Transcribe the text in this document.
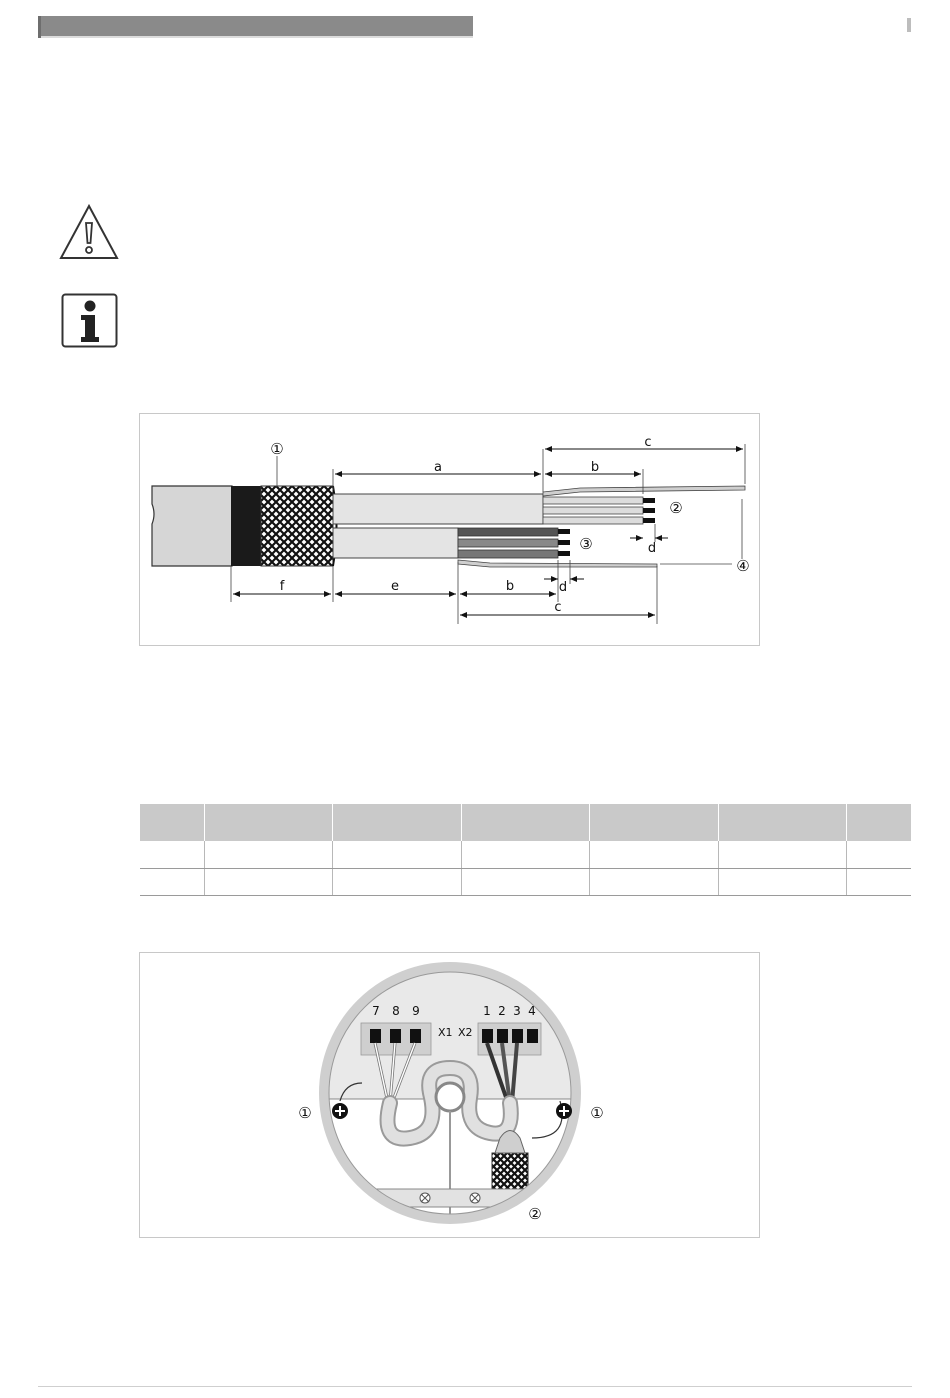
a	b
c
d
f	e	b	d
c
①
②
③
④

7 8 9
X1
1 2 3 4
X2
①	①
②
